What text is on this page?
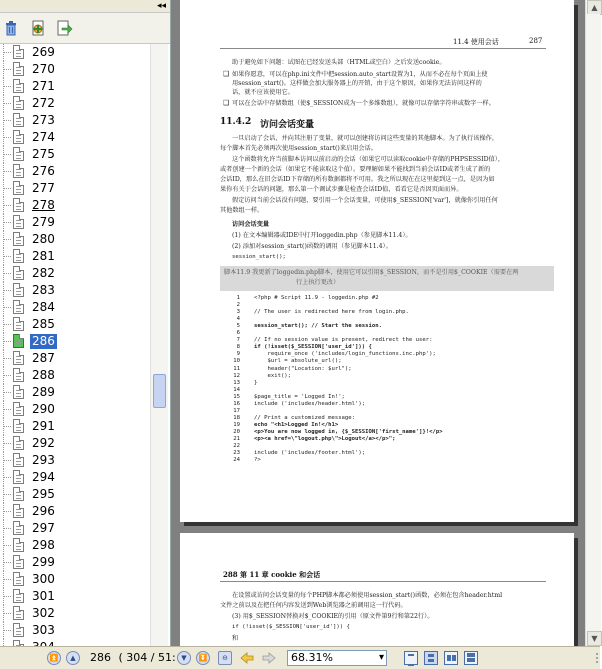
◂◂
269
270
271
272
273
274
275
276
277
278
279
280
281
282
283
284
285
286
287
288
289
290
291
292
293
294
295
296
297
298
299
300
301
302
303
11.4 使用会话	287
助于避免如下问题：试图在已经发送头部（HTML或空白）之后发送cookie。
❑ 如果你愿意，可以在php.ini文件中把session.auto_start设置为1，从而不必在每个页面上使
用session_start()。这样做会加大服务器上的开销，由于这个原因，如果你无法访问这样的
话，就不应该使用它。
❑ 可以在会话中存储数组（使$_SESSION成为一个多维数组），就像可以存储字符串或数字一样。
11.4.2 访问会话变量
一旦启动了会话，并向其注册了变量，就可以创建将访问这些变量的其他脚本。为了执行该操作，
每个脚本首先必须再次使用session_start()来启用会话。
这个函数将允许当前脚本访问以前启动的会话（如果它可以读取cookie中存储的PHPSESSID值），
或者创建一个新的会话（如果它不能读取这个值）。要理解如果不能找到当前会话ID或者生成了新的
会话ID，那么在旧会话ID下存储的所有数据都将不可用。我之所以现在在这里提到这一点，是因为如
果你有关于会话的问题，那么第一个调试步骤是检查会话ID值，看看它是否因页面而异。
假定访问当前会话没有问题，要引用一个会话变量，可使用$_SESSION['var']，就像你引用任何
其他数组一样。
访问会话变量
(1) 在文本编辑器或IDE中打开loggedin.php（参见脚本11.4）。
(2) 添加对session_start()函数的调用（参见脚本11.4）。
session_start();
脚本11.9 我更新了loggedin.php脚本，使用它可以引用$_SESSION，而不是引用$_COOKIE（需要在两
行上执行更改）
1	<?php # Script 11.9 - loggedin.php #2
2
3	// The user is redirected here from login.php.
4
5	session_start(); // Start the session.
6
7	// If no session value is present, redirect the user:
8	if (!isset($_SESSION['user_id'])) {
9	require_once ('includes/login_functions.inc.php');
10	$url = absolute_url();
11	header("Location: $url");
12	exit();
13	}
14
15	$page_title = 'Logged In!';
16	include ('includes/header.html');
17
18	// Print a customized message:
19	echo "<h1>Logged In!</h1>
20	<p>You are now logged in, {$_SESSION['first_name']}!</p>
21	<p><a href=\"logout.php\">Logout</a></p>";
22
23	include ('includes/footer.html');
24	?>
288 第 11 章 cookie 和会话
在设置或访问会话变量的每个PHP脚本都必须使用session_start()函数，必须在包含header.html
文件之前以及在把任何内容发送到Web浏览器之前调用这一行代码。
(3) 用$_SESSION替换对$_COOKIE的引用（原文件第9行和第22行）。
if (!isset($_SESSION['user_id'])) {
和
▲
▼
⏫	▲	286 ( 304 / 51: ▼	⏬	⊖	68.31%	▾
